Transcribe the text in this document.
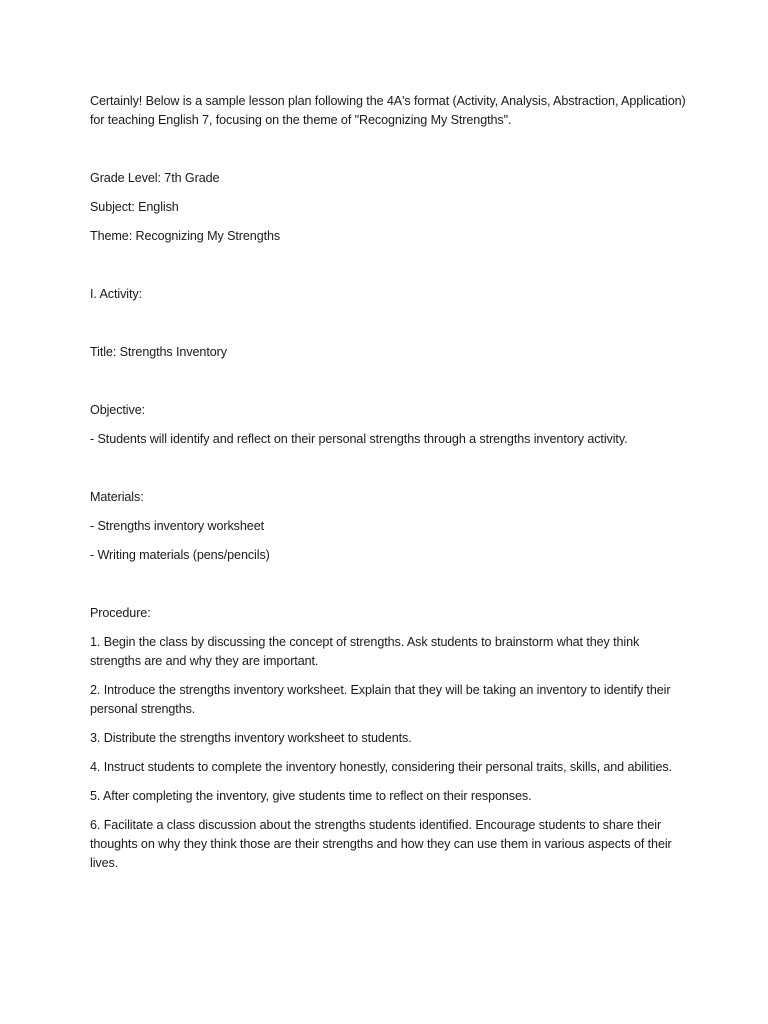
Certainly! Below is a sample lesson plan following the 4A's format (Activity, Analysis, Abstraction, Application) for teaching English 7, focusing on the theme of "Recognizing My Strengths".

Grade Level: 7th Grade

Subject: English

Theme: Recognizing My Strengths

I. Activity:

Title: Strengths Inventory

Objective:

- Students will identify and reflect on their personal strengths through a strengths inventory activity.

Materials:

- Strengths inventory worksheet

- Writing materials (pens/pencils)

Procedure:

1. Begin the class by discussing the concept of strengths. Ask students to brainstorm what they think strengths are and why they are important.

2. Introduce the strengths inventory worksheet. Explain that they will be taking an inventory to identify their personal strengths.

3. Distribute the strengths inventory worksheet to students.

4. Instruct students to complete the inventory honestly, considering their personal traits, skills, and abilities.

5. After completing the inventory, give students time to reflect on their responses.

6. Facilitate a class discussion about the strengths students identified. Encourage students to share their thoughts on why they think those are their strengths and how they can use them in various aspects of their lives.
